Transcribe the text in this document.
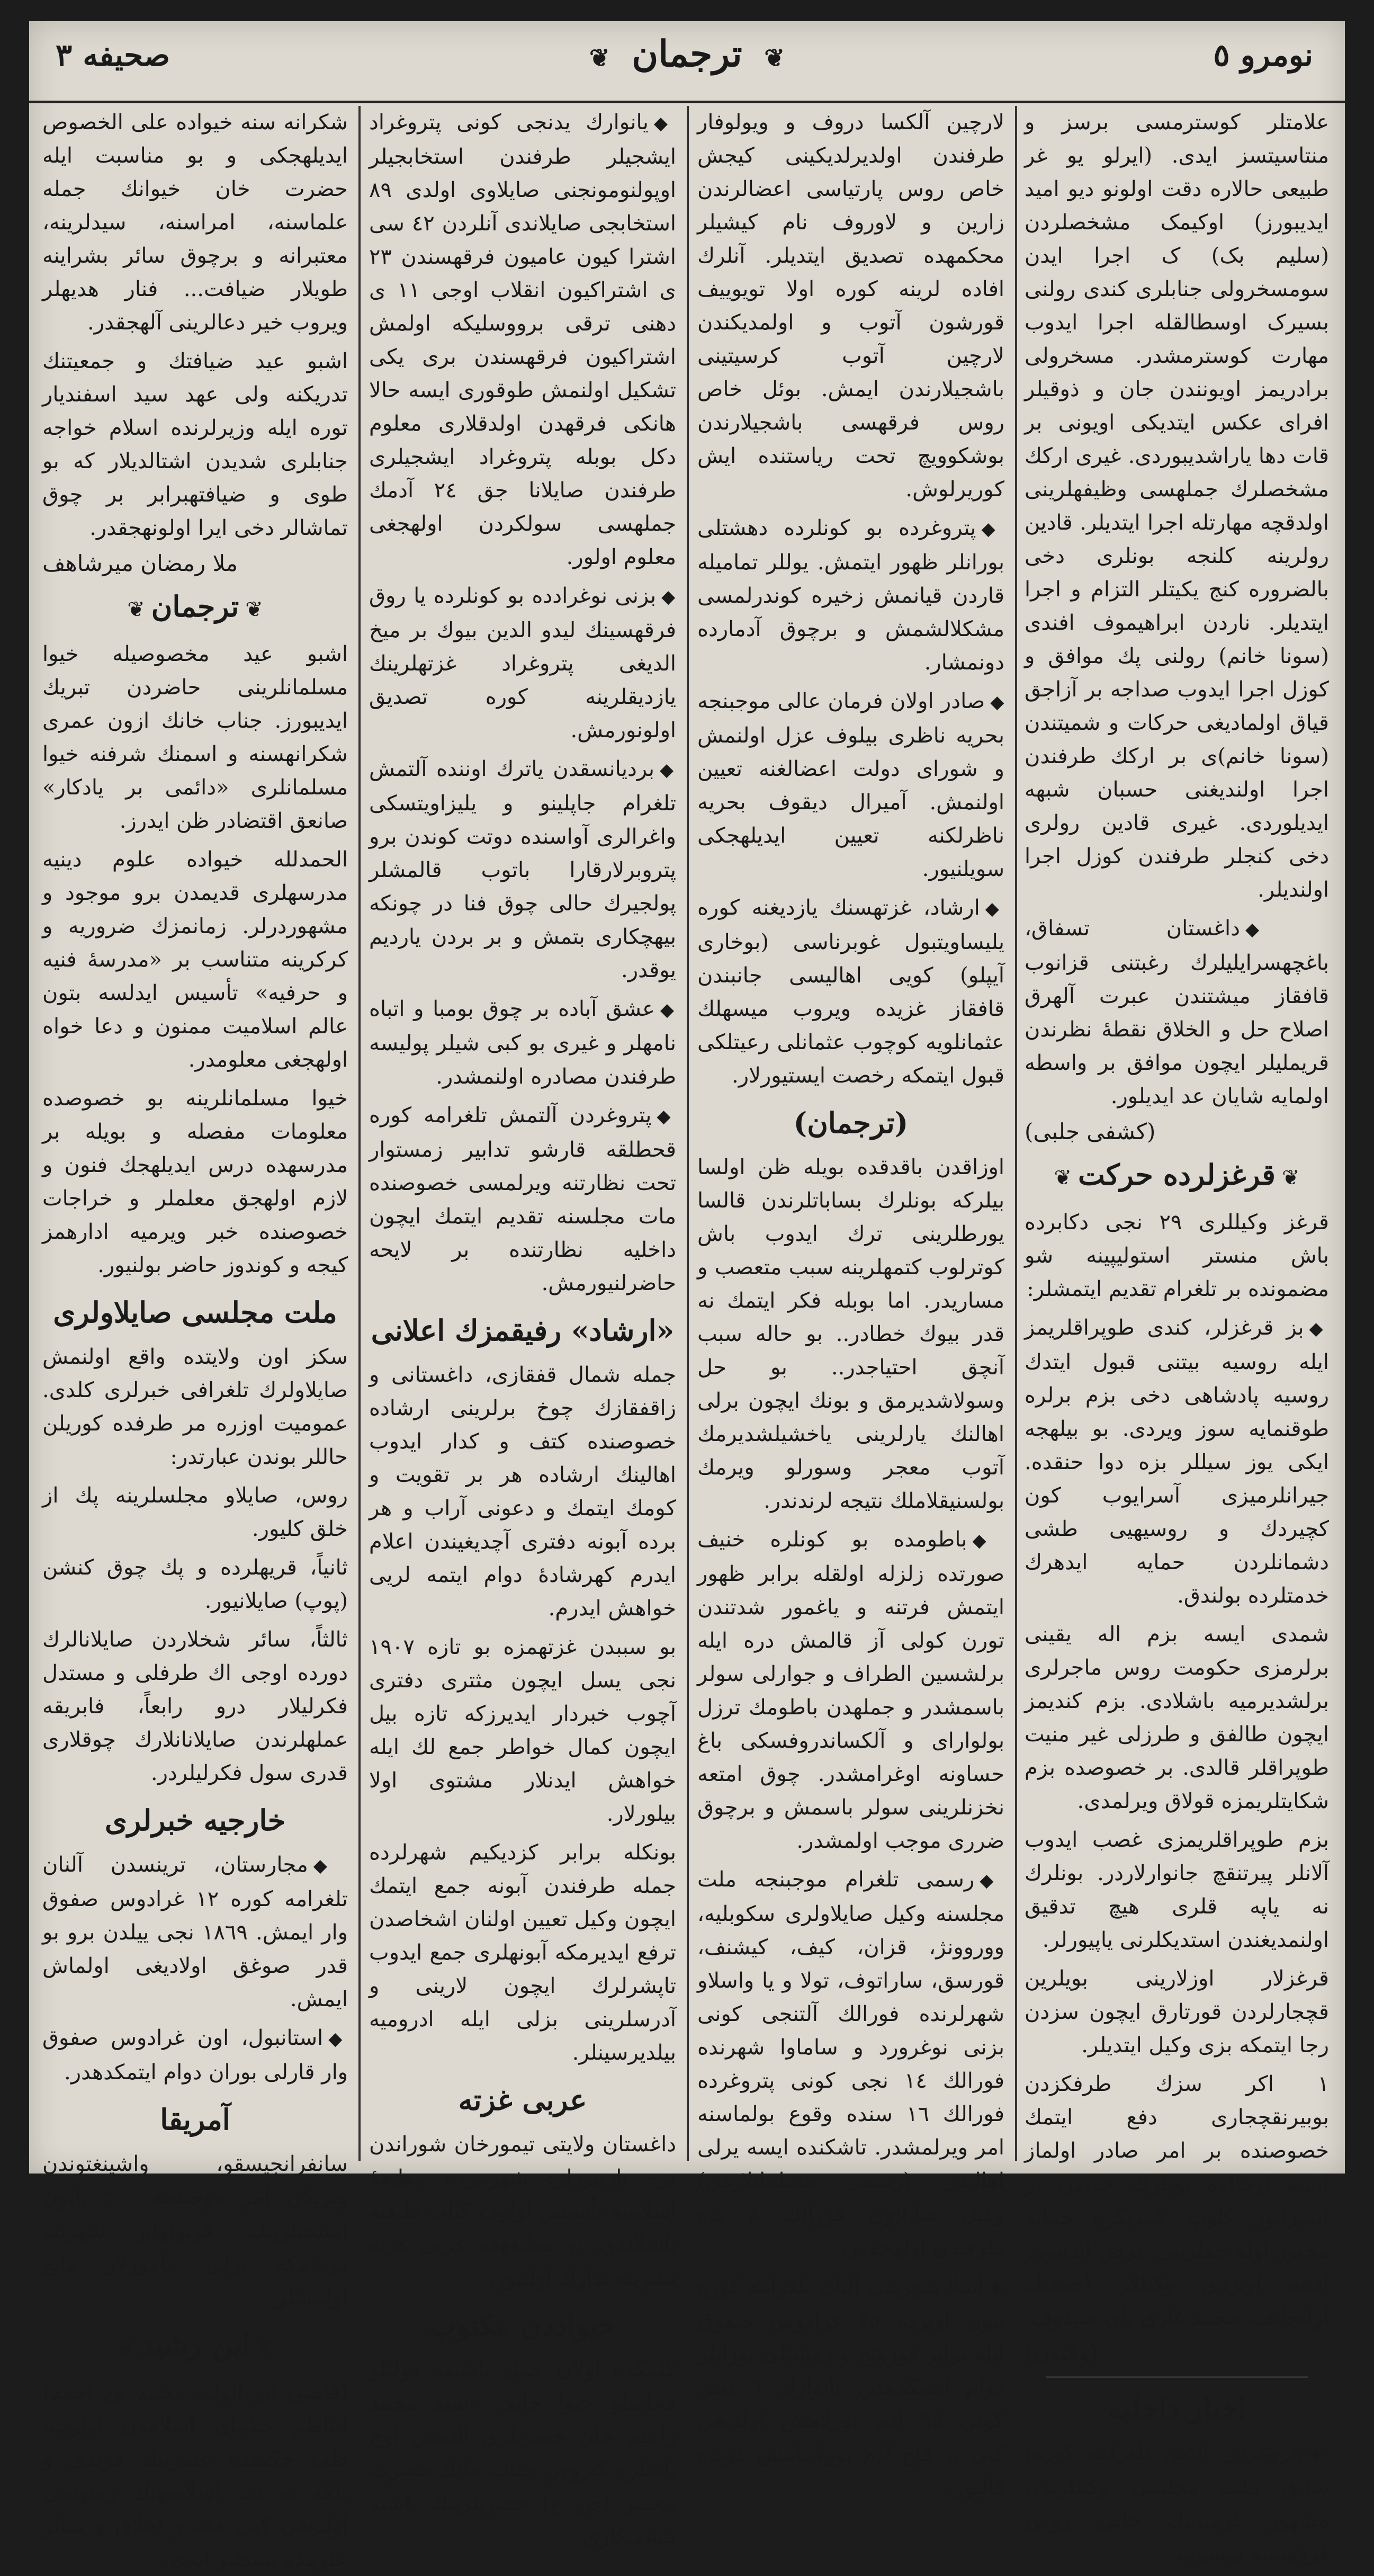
صحیفه ٣	❦ ترجمان ❦	نومرو ٥

علامتلر کوسترمسی برسز و منتاسیتسز ایدی. (ایرلو یو غر طبیعی حالاره دقت اولونو دیو امید ایدیبورز) اوکیمک مشخصلردن (سلیم بک) ک اجرا ایدن سومسخرولی جنابلری کندی رولنی بسیرک اوسطالقله اجرا ایدوب مهارت کوسترمشدر. مسخرولی برادریمز اویونندن جان و ذوقیلر افرای عکس ایتدیکی اویونی بر قات دها یاراشدیبوردی. غیری ارکك مشخصلرك جملهسی وظیفهلرینی اولدقچه مهارتله اجرا ایتدیلر. قادین رولرینه کلنجه بونلری دخی بالضروره کنج یکیتلر التزام و اجرا ایتدیلر. ناردن ابراهیموف افندی (سونا خانم) رولنی پك موافق و کوزل اجرا ایدوب صداجه بر آزاجق قیاق اولمادیغی حرکات و شمیتندن (سونا خانم)ی بر ارکك طرفندن اجرا اولندیغنی حسبان شبهه ایدیلوردی. غیری قادین رولری دخی کنجلر طرفندن کوزل اجرا اولندیلر.

◆داغستان تسفاق، باغچهسرایلیلرك رغبتنی قزانوب قافقاز میشتندن عبرت آلهرق اصلاح حل و الخلاق نقطهٔ نظرندن قریملیلر ایچون موافق بر واسطه اولمایه شایان عد ایدیلور.

(کشفی جلبی)
❦قرغزلرده حرکت❦

قرغز وکیللری ٢٩ نجی دکابرده باش منستر استولیپینه شو مضمونده بر تلغرام تقدیم ایتمشلر:

◆بز قرغزلر، کندی طوپراقلریمز ایله روسیه بیتنی قبول ایتدك روسیه پادشاهی دخی بزم برلره طوقنمایه سوز ویردی. بو بیلهجه ایکی یوز سیللر بزه دوا حنقده. جیرانلرمیزی آسرایوب کون کچیردك و روسیهیی طشی دشمانلردن حمایه ایدهرك خدمتلرده بولندق.

شمدی ایسه بزم اله یقینی برلرمزی حکومت روس ماجرلری برلشدیرمیه باشلادی. بزم کندیمز ایچون طالفق و طرزلی غیر منیت طوپراقلر قالدی. بر خصوصده بزم شکایتلریمزه قولاق ویرلمدی.

بزم طوپراقلریمزی غصب ایدوب آلانلر پیرتنقچ جانوارلاردر. بونلرك نه یاپه قلری هیچ تدقیق اولنمدیغندن استدیکلرنی یاپیورلر.

قرغزلار اوزلارینی بویلرین قچجارلردن قورتارق ایچون سزدن رجا ایتمکه بزی وکیل ایتدیلر.

١ اکر سزك طرفکزدن بوبیرنقچجاری دفع ایتمك خصوصنده بر امر صادر اولماز ایسه اوحالده بونلرك حقندن بر ایمپراتور کلوپ کمدیکزه حمایه مجبور اوله جقلرینی عرض ایدیبورز آفتیه اویزدی وکیللار احمدیك آرانجانف، محمد غازی بای سیدوف

(وقتدن)
اخبار داخلیه

◆پتروغردن آلتش تلغرامه کوره: سابق ملت مجلسی وکیللرندن مشهور کرمیتینك خاص روس فرقهسنه منسوب

لارچین آلکسا دروف و ویولوفار طرفندن اولدیرلدیکینی کیجش خاص روس پارتیاسی اعضالرندن زارین و لاوروف نام کیشیلر محکمهده تصدیق ایتدیلر. آنلرك افاده لرینه کوره اولا تویوییف قورشون آتوب و اولمدیکندن لارچین آتوب کرسیتینی باشجیلارندن ایمش. بوئل خاص روس فرقهسی باشجیلارندن بوشکوویچ تحت ریاستنده ایش کوریرلوش.

◆پتروغرده بو کونلرده دهشتلی بورانلر ظهور ایتمش. یوللر تمامیله قاردن قیانمش زخیره کوندرلمسی مشکلالشمش و برچوق آدمارده دونمشار.

◆صادر اولان فرمان عالی موجبنجه بحریه ناظری بیلوف عزل اولنمش و شورای دولت اعضالغنه تعیین اولنمش. آمیرال دیقوف بحریه ناظرلکنه تعیین ایدیلهجکی سویلنیور.

◆ارشاد، غزتهسنك یازدیغنه کوره یلیساویتبول غوبرناسی (بوخاری آیپلو) کویی اهالیسی جانبندن قافقاز غزیده ویروب میسهلك عثمانلویه کوچوب عثمانلی رعیتلکی قبول ایتمکه رخصت ایستیورلار.

(ترجمان)

اوزاقدن باقدقده بویله ظن اولسا بیلرکه بونلرك بساباتلرندن قالسا یورطلرینی ترك ایدوب باش کوترلوب کتمهلرینه سبب متعصب و مساریدر. اما بوبله فکر ایتمك نه قدر بیوك خطادر.. بو حاله سبب آنچق احتیاجدر.. بو حل وسولاشدیرمق و بونك ایچون برلی اهالنك یارلرینی یاخشیلشدیرمك آتوب معجر وسورلو ویرمك بولسنیقلاملك نتیجه لرندندر.

◆باطومده بو کونلره خنیف صورتده زلزله اولقله برابر ظهور ایتمش فرتنه و یاغمور شدتندن تورن کولی آز قالمش دره ایله برلشسین الطراف و جوارلی سولر باسمشدر و جملهدن باطومك ترزل بولوارای و آلکساندروفسکی باغ حساونه اوغرامشدر. چوق امتعه نخزنلرینی سولر باسمش و برچوق ضرری موجب اولمشدر.

◆رسمی تلغرام موجبنجه ملت مجلسنه وکیل صایلاولری سکوبلیه، ووروونژ، قزان، کیف، کیشنف، قورسق، ساراتوف، تولا و یا واسلاو شهرلرنده فورالك آلتنجی کونی بزنی نوغرورد و ساماوا شهرنده فورالك ١٤ نجی کونی پتروغرده فورالك ١٦ سنده وقوع بولماسنه امر ویرلمشدر. تاشکنده ایسه یرلی اهالیدن (رسمی مسلمانلاردن) وکیل صایلاوی فورالك ٨ نده طرفندن اولهجقدر.

◆آنملا شهرندن آلنان تلغرامه کوره بتون اوبزده ٣٥ غرادوس صفوق ایله برابر قوروئج و دهشتلی بورانلر دوام ایتمکدهدر. یانوارك ٦ نجی کونی ٩٥ آدم بوزلامش اولدیغی کبی بر قاچ آدم بوزلامامش کونده قالیور.

◆یانوارك یدنجی کونی پتروغراد ایشجیلر طرفندن استخابجیلر اوپولنومونجنی صایلاوی اولدی ٨٩ استخابجی صایلاندی آنلردن ٤٢ سی اشترا کیون عامیون فرقهسندن ٢٣ ی اشتراکیون انقلاب اوجی ١١ ی دهنی ترقی برووسلیکه اولمش اشتراکیون فرقهسندن بری یکی تشکیل اولنمش طوقوری ایسه حالا هانکی فرقهدن اولدقلاری معلوم دکل بوبله پتروغراد ایشجیلری طرفندن صایلانا جق ٢٤ آدمك جملهسی سولکردن اولهجغی معلوم اولور.

◆بزنی نوغرادده بو کونلرده یا روق فرقهسینك لیدو الدین بیوك بر میخ الدیغی پتروغراد غزتهلرینك یازدیقلرینه کوره تصدیق اولونورمش.

◆بردیانسقدن یاترك اوننده آلتمش تلغرام جاپلینو و یلیزاویتسکی واغرالری آواسنده دوتت کوندن برو پتروبرلارقارا باتوب قالمشلر پولجیرك حالی چوق فنا در چونکه بیهچکاری بتمش و بر بردن یاردیم یوقدر.

◆عشق آباده بر چوق بومبا و اتباه نامهلر و غیری بو کبی شیلر پولیسه طرفندن مصادره اولنمشدر.

◆پتروغردن آلتمش تلغرامه کوره قحطلقه قارشو تدابیر زمستوار تحت نظارتنه ویرلمسی خصوصنده مات مجلسنه تقدیم ایتمك ایچون داخلیه نظارتنده بر لایحه حاضرلنیورمش.

«ارشاد» رفیقمزك اعلانی

جمله شمال قفقازی، داغستانی و زاقفقازك چوخ برلرینی ارشاده خصوصنده کتف و کدار ایدوب اهالینك ارشاده هر بر تقویت و کومك ایتمك و دعونی آراب و هر برده آبونه دفتری آچدیغیندن اعلام ایدرم کهرشادهٔ دوام ایتمه لریی خواهش ایدرم.

بو سببدن غزتهمزه بو تازه ١٩٠٧ نجی یسل ایچون مثتری دفتری آچوب خبردار ایدیرزکه تازه بیل ایچون کمال خواطر جمع لك ایله خواهش ایدنلار مشتوی اولا بیلورلار.

بونکله برابر کزدیکیم شهرلرده جمله طرفندن آبونه جمع ایتمك ایچون وکیل تعیین اولنان اشخاصدن ترفع ایدیرمکه آبونهلری جمع ایدوب تاپشرلرك ایچون لارینی و آدرسلرینی بزلی ایله ادرومیه بیلدیرسینلر.

عربی غزته

داغستان ولایتی تیمورخان شوراندن بزه یازیبورلر: شهرمزده مطبعهٔ اسلامیه تأسیس اولوب کتاب طبعنه باشلاندی. بو مطبعهده عربی غزته نشرینه تدارك اولنیور.

خیواددن مکتوب

کلمکده اولان حمل باشنده دولتلو فخامتلو خیوا خانی «سید محمد راخیم خان حضرتلری آلتمش اوچ یاشلر» کیروور. جناب خانك حضرت پیغمبر (ص ع) حضرتلرینك یاشنه یتشدیکاری

شکرانه سنه خیواده علی الخصوص ایدیلهجکی و بو مناسبت ایله حضرت خان خیوانك جمله علماسنه، امراسنه، سیدلرینه، معتبرانه و برچوق سائر بشراینه طویلار ضیافت... فنار هدیهلر ویروب خیر دعالرینی آلهجقدر.

اشبو عید ضیافتك و جمعیتنك تدریکنه ولی عهد سید اسفندیار توره ایله وزیرلرنده اسلام خواجه جنابلری شدیدن اشتالدیلار که بو طوی و ضیافتهبرابر بر چوق تماشالر دخی ایرا اولونهجقدر.

ملا رمضان میرشاهف
❦ترجمان❦

اشبو عید مخصوصیله خیوا مسلمانلرینی حاضردن تبریك ایدیبورز. جناب خانك ازون عمری شکرانهسنه و اسمنك شرفنه خیوا مسلمانلری «دائمی بر یادکار» صانعق اقتضادر ظن ایدرز.

الحمدلله خیواده علوم دینیه مدرسهلری قدیمدن برو موجود و مشهوردرلر. زمانمزك ضروریه و کرکرینه متناسب بر «مدرسهٔ فنیه و حرفیه» تأسیس ایدلسه بتون عالم اسلامیت ممنون و دعا خواه اولهجغی معلومدر.

خیوا مسلمانلرینه بو خصوصده معلومات مفصله و بویله بر مدرسهده درس ایدیلهجك فنون و لازم اولهجق معلملر و خراجات خصوصنده خبر ویرمیه ادارهمز کیجه و کوندوز حاضر بولنیور.

ملت مجلسی صایلاولری

سکز اون ولایتده واقع اولنمش صایلاولرك تلغرافی خبرلری کلدی. عمومیت اوزره مر طرفده کوریلن حاللر بوندن عبارتدر:

روس، صایلاو مجلسلرینه پك از خلق کلیور.

ثانیاً، قریهلرده و پك چوق کنشن (پوپ) صایلانیور.

ثالثاً، سائر شخلاردن صایلانالرك دورده اوجی اك طرفلی و مستدل فکرلیلار درو رابعاً، فابریقه عملهلرندن صایلانانلارك چوقلاری قدری سول فکرلیلردر.

خارجیه خبرلری

◆مجارستان، ترینسدن آلنان تلغرامه کوره ١٢ غرادوس صفوق وار ایمش. ١٨٦٩ نجی ییلدن برو بو قدر صوغق اولادیغی اولماش ایمش.

◆استانبول، اون غرادوس صفوق وار قارلی بوران دوام ایتمکدهدر.

آمریقا

سانفرانجیسقو، واشینغتوندن ویریلان امر موجبنجه ٢٠٠ یاپون ایشجیلرینك قونولولو شهرینه دوشمکه برلی مأمورلار مانع اولمشلر.

❦ابن رشید❦

(قاضی ابو الولید محمد بن احمد) اعاظم حکمای اسلامدن اولوب، طب حکمتده عصرینك فریدی و بلکه نه نت اسلامیهنك زمنهسی اولدیغی کبی فقه و اخلاق و سائر علومده بیننظیر ایدی.
